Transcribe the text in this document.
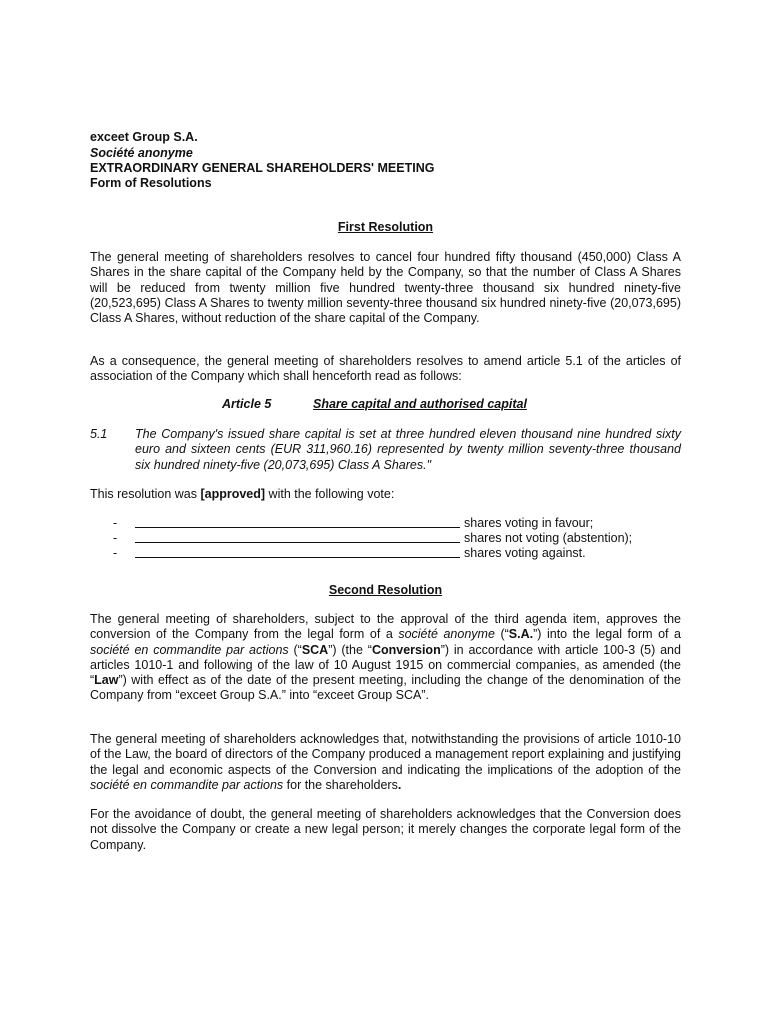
exceet Group S.A.
Société anonyme
EXTRAORDINARY GENERAL SHAREHOLDERS' MEETING
Form of Resolutions
First Resolution
The general meeting of shareholders resolves to cancel four hundred fifty thousand (450,000) Class A Shares in the share capital of the Company held by the Company, so that the number of Class A Shares will be reduced from twenty million five hundred twenty-three thousand six hundred ninety-five (20,523,695) Class A Shares to twenty million seventy-three thousand six hundred ninety-five (20,073,695) Class A Shares, without reduction of the share capital of the Company.
As a consequence, the general meeting of shareholders resolves to amend article 5.1 of the articles of association of the Company which shall henceforth read as follows:
Article 5	Share capital and authorised capital
5.1 The Company's issued share capital is set at three hundred eleven thousand nine hundred sixty euro and sixteen cents (EUR 311,960.16) represented by twenty million seventy-three thousand six hundred ninety-five (20,073,695) Class A Shares."
This resolution was [approved] with the following vote:
-	shares voting in favour;
-	shares not voting (abstention);
-	shares voting against.
Second Resolution
The general meeting of shareholders, subject to the approval of the third agenda item, approves the conversion of the Company from the legal form of a société anonyme (“S.A.”) into the legal form of a société en commandite par actions (“SCA”) (the “Conversion”) in accordance with article 100-3 (5) and articles 1010-1 and following of the law of 10 August 1915 on commercial companies, as amended (the “Law”) with effect as of the date of the present meeting, including the change of the denomination of the Company from “exceet Group S.A.” into “exceet Group SCA”.
The general meeting of shareholders acknowledges that, notwithstanding the provisions of article 1010-10 of the Law, the board of directors of the Company produced a management report explaining and justifying the legal and economic aspects of the Conversion and indicating the implications of the adoption of the société en commandite par actions for the shareholders.
For the avoidance of doubt, the general meeting of shareholders acknowledges that the Conversion does not dissolve the Company or create a new legal person; it merely changes the corporate legal form of the Company.
